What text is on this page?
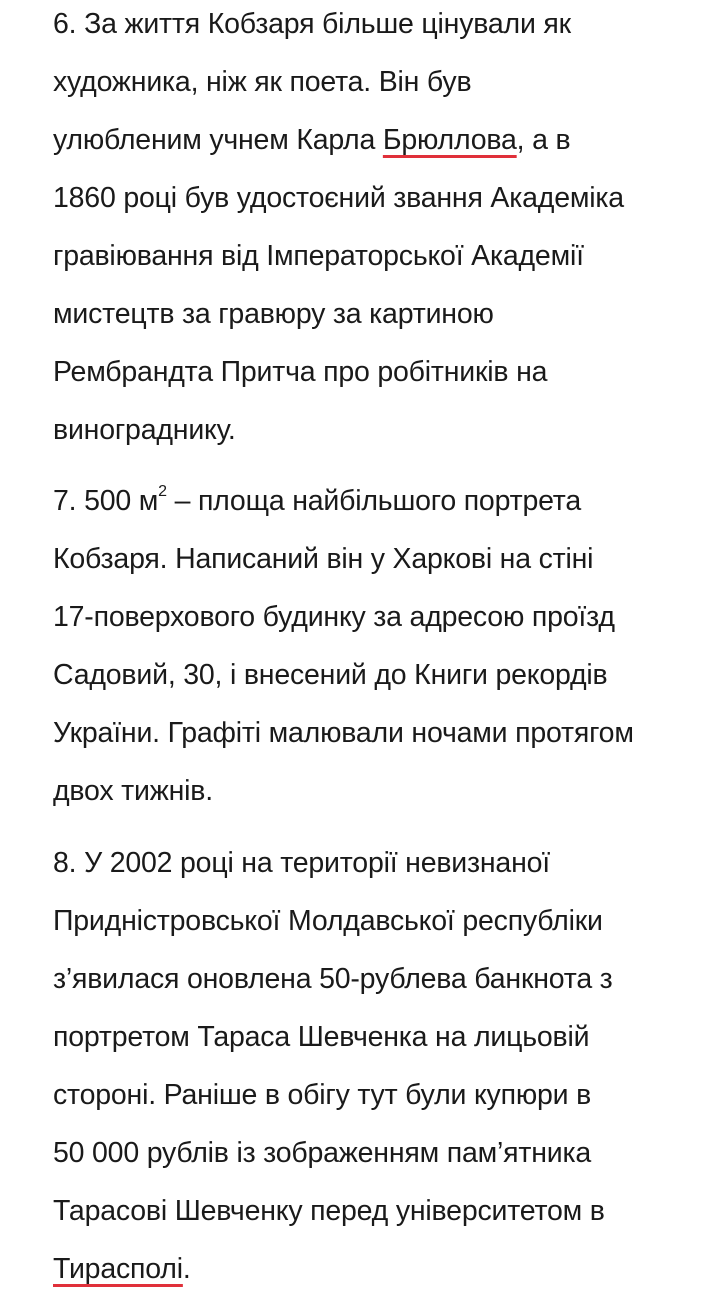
6. За життя Кобзаря більше цінували як
художника, ніж як поета. Він був
улюбленим учнем Карла Брюллова, а в
1860 році був удостоєний звання Академіка
гравіювання від Імператорської Академії
мистецтв за гравюру за картиною
Рембрандта Притча про робітників на
винограднику.

7. 500 $м^2$ – площа найбільшого портрета
Кобзаря. Написаний він у Харкові на стіні
17-поверхового будинку за адресою проїзд
Садовий, 30, і внесений до Книги рекордів
України. Графіті малювали ночами протягом
двох тижнів.

8. У 2002 році на території невизнаної
Придністровської Молдавської республіки
з’явилася оновлена 50-рублева банкнота з
портретом Тараса Шевченка на лицьовій
стороні. Раніше в обігу тут були купюри в
50 000 рублів із зображенням пам’ятника
Тарасові Шевченку перед університетом в
Тирасполі.
